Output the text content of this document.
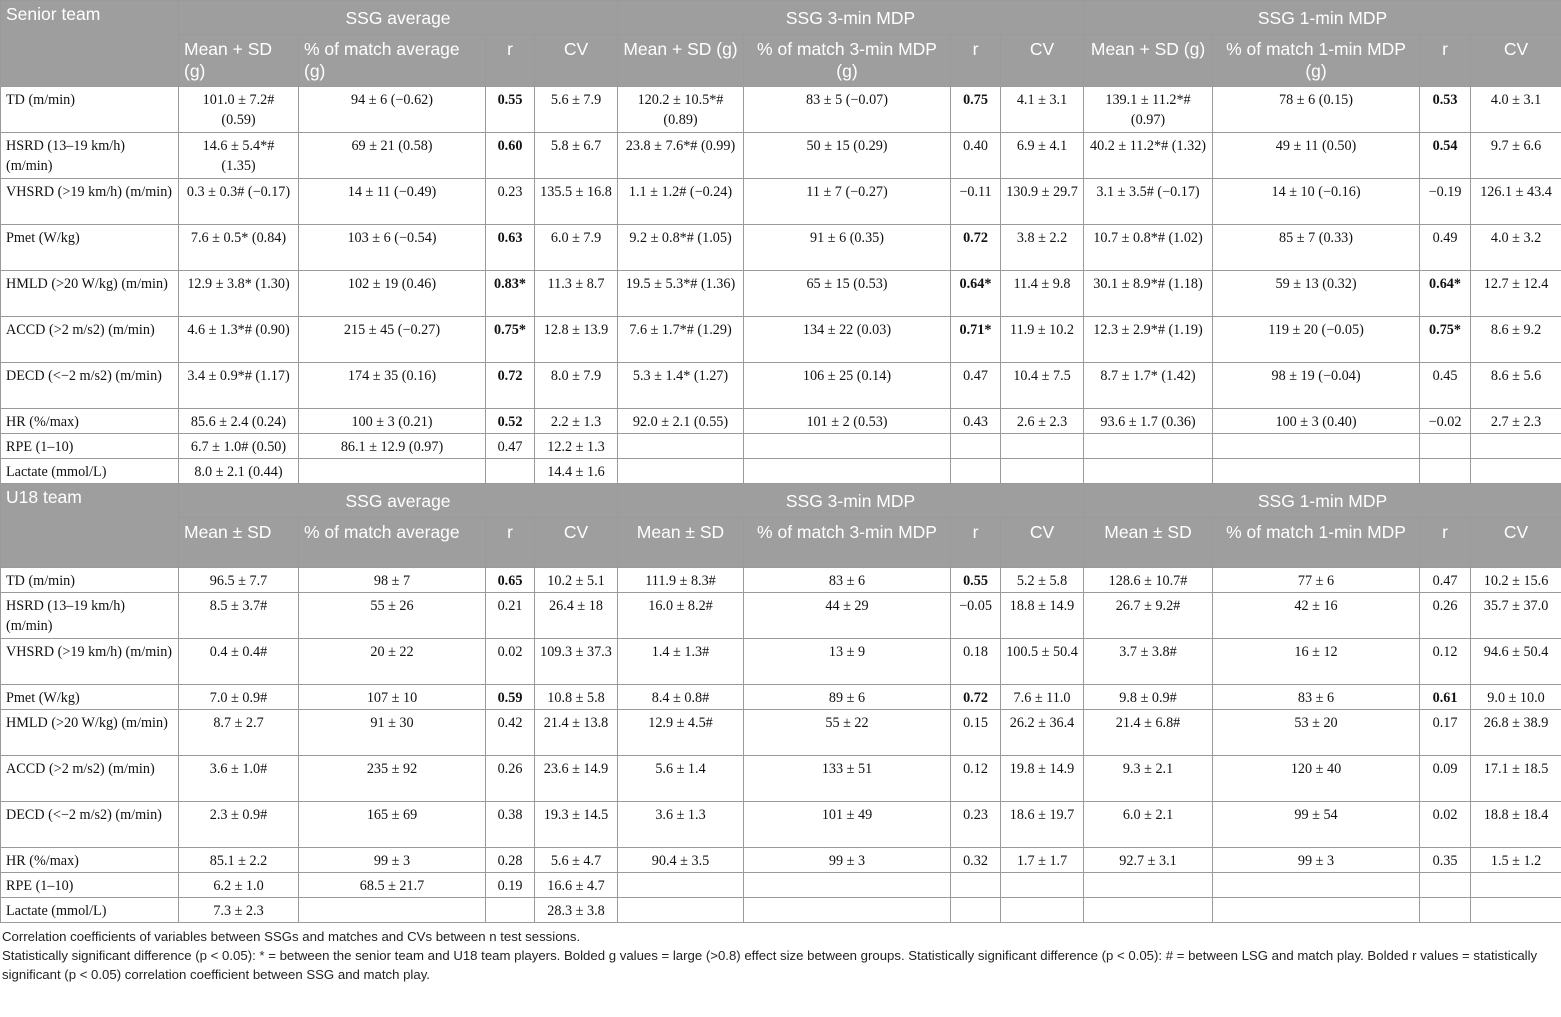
Senior team	SSG average				SSG 3-min MDP				SSG 1-min MDP			
	Mean + SD (g)	% of match average (g)	r	CV	Mean + SD (g)	% of match 3-min MDP (g)	r	CV	Mean + SD (g)	% of match 1-min MDP (g)	r	CV
TD (m/min)	101.0 ± 7.2# (0.59)	94 ± 6 (−0.62)	0.55	5.6 ± 7.9	120.2 ± 10.5*# (0.89)	83 ± 5 (−0.07)	0.75	4.1 ± 3.1	139.1 ± 11.2*# (0.97)	78 ± 6 (0.15)	0.53	4.0 ± 3.1
HSRD (13–19 km/h) (m/min)	14.6 ± 5.4*# (1.35)	69 ± 21 (0.58)	0.60	5.8 ± 6.7	23.8 ± 7.6*# (0.99)	50 ± 15 (0.29)	0.40	6.9 ± 4.1	40.2 ± 11.2*# (1.32)	49 ± 11 (0.50)	0.54	9.7 ± 6.6
VHSRD (>19 km/h) (m/min)	0.3 ± 0.3# (−0.17)	14 ± 11 (−0.49)	0.23	135.5 ± 16.8	1.1 ± 1.2# (−0.24)	11 ± 7 (−0.27)	−0.11	130.9 ± 29.7	3.1 ± 3.5# (−0.17)	14 ± 10 (−0.16)	−0.19	126.1 ± 43.4
Pmet (W/kg)	7.6 ± 0.5* (0.84)	103 ± 6 (−0.54)	0.63	6.0 ± 7.9	9.2 ± 0.8*# (1.05)	91 ± 6 (0.35)	0.72	3.8 ± 2.2	10.7 ± 0.8*# (1.02)	85 ± 7 (0.33)	0.49	4.0 ± 3.2
HMLD (>20 W/kg) (m/min)	12.9 ± 3.8* (1.30)	102 ± 19 (0.46)	0.83*	11.3 ± 8.7	19.5 ± 5.3*# (1.36)	65 ± 15 (0.53)	0.64*	11.4 ± 9.8	30.1 ± 8.9*# (1.18)	59 ± 13 (0.32)	0.64*	12.7 ± 12.4
ACCD (>2 m/s2) (m/min)	4.6 ± 1.3*# (0.90)	215 ± 45 (−0.27)	0.75*	12.8 ± 13.9	7.6 ± 1.7*# (1.29)	134 ± 22 (0.03)	0.71*	11.9 ± 10.2	12.3 ± 2.9*# (1.19)	119 ± 20 (−0.05)	0.75*	8.6 ± 9.2
DECD (<−2 m/s2) (m/min)	3.4 ± 0.9*# (1.17)	174 ± 35 (0.16)	0.72	8.0 ± 7.9	5.3 ± 1.4* (1.27)	106 ± 25 (0.14)	0.47	10.4 ± 7.5	8.7 ± 1.7* (1.42)	98 ± 19 (−0.04)	0.45	8.6 ± 5.6
HR (%/max)	85.6 ± 2.4 (0.24)	100 ± 3 (0.21)	0.52	2.2 ± 1.3	92.0 ± 2.1 (0.55)	101 ± 2 (0.53)	0.43	2.6 ± 2.3	93.6 ± 1.7 (0.36)	100 ± 3 (0.40)	−0.02	2.7 ± 2.3
RPE (1–10)	6.7 ± 1.0# (0.50)	86.1 ± 12.9 (0.97)	0.47	12.2 ± 1.3								
Lactate (mmol/L)	8.0 ± 2.1 (0.44)			14.4 ± 1.6								
U18 team	SSG average				SSG 3-min MDP				SSG 1-min MDP			
	Mean ± SD	% of match average	r	CV	Mean ± SD	% of match 3-min MDP	r	CV	Mean ± SD	% of match 1-min MDP	r	CV
TD (m/min)	96.5 ± 7.7	98 ± 7	0.65	10.2 ± 5.1	111.9 ± 8.3#	83 ± 6	0.55	5.2 ± 5.8	128.6 ± 10.7#	77 ± 6	0.47	10.2 ± 15.6
HSRD (13–19 km/h) (m/min)	8.5 ± 3.7#	55 ± 26	0.21	26.4 ± 18	16.0 ± 8.2#	44 ± 29	−0.05	18.8 ± 14.9	26.7 ± 9.2#	42 ± 16	0.26	35.7 ± 37.0
VHSRD (>19 km/h) (m/min)	0.4 ± 0.4#	20 ± 22	0.02	109.3 ± 37.3	1.4 ± 1.3#	13 ± 9	0.18	100.5 ± 50.4	3.7 ± 3.8#	16 ± 12	0.12	94.6 ± 50.4
Pmet (W/kg)	7.0 ± 0.9#	107 ± 10	0.59	10.8 ± 5.8	8.4 ± 0.8#	89 ± 6	0.72	7.6 ± 11.0	9.8 ± 0.9#	83 ± 6	0.61	9.0 ± 10.0
HMLD (>20 W/kg) (m/min)	8.7 ± 2.7	91 ± 30	0.42	21.4 ± 13.8	12.9 ± 4.5#	55 ± 22	0.15	26.2 ± 36.4	21.4 ± 6.8#	53 ± 20	0.17	26.8 ± 38.9
ACCD (>2 m/s2) (m/min)	3.6 ± 1.0#	235 ± 92	0.26	23.6 ± 14.9	5.6 ± 1.4	133 ± 51	0.12	19.8 ± 14.9	9.3 ± 2.1	120 ± 40	0.09	17.1 ± 18.5
DECD (<−2 m/s2) (m/min)	2.3 ± 0.9#	165 ± 69	0.38	19.3 ± 14.5	3.6 ± 1.3	101 ± 49	0.23	18.6 ± 19.7	6.0 ± 2.1	99 ± 54	0.02	18.8 ± 18.4
HR (%/max)	85.1 ± 2.2	99 ± 3	0.28	5.6 ± 4.7	90.4 ± 3.5	99 ± 3	0.32	1.7 ± 1.7	92.7 ± 3.1	99 ± 3	0.35	1.5 ± 1.2
RPE (1–10)	6.2 ± 1.0	68.5 ± 21.7	0.19	16.6 ± 4.7								
Lactate (mmol/L)	7.3 ± 2.3			28.3 ± 3.8								

Correlation coefficients of variables between SSGs and matches and CVs between n test sessions.

Statistically significant difference (p < 0.05): * = between the senior team and U18 team players. Bolded g values = large (>0.8) effect size between groups. Statistically significant difference (p < 0.05): # = between LSG and match play. Bolded r values = statistically significant (p < 0.05) correlation coefficient between SSG and match play.
